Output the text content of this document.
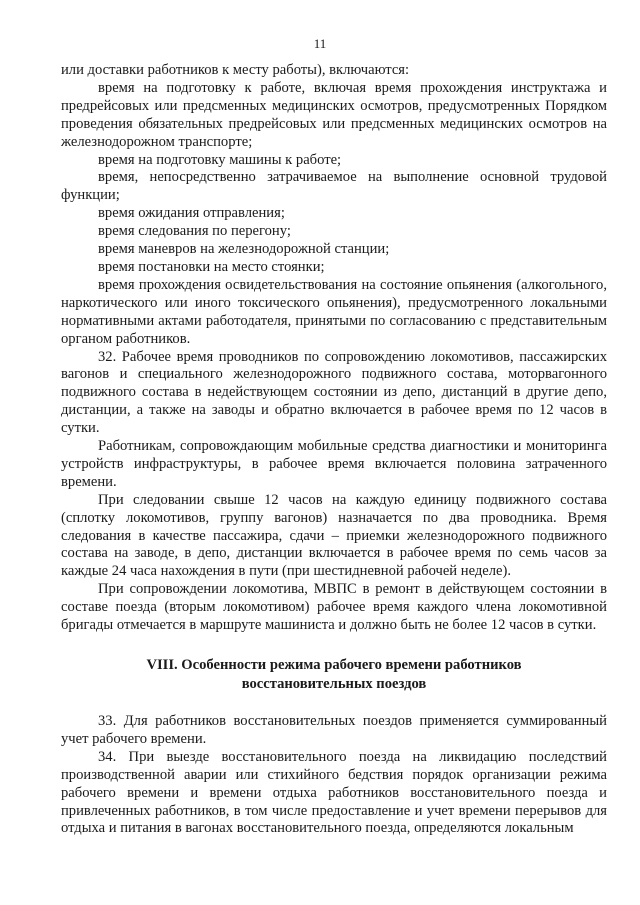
11

или доставки работников к месту работы), включаются:

время на подготовку к работе, включая время прохождения инструктажа и предрейсовых или предсменных медицинских осмотров, предусмотренных Порядком проведения обязательных предрейсовых или предсменных медицинских осмотров на железнодорожном транспорте;

время на подготовку машины к работе;

время, непосредственно затрачиваемое на выполнение основной трудовой функции;

время ожидания отправления;

время следования по перегону;

время маневров на железнодорожной станции;

время постановки на место стоянки;

время прохождения освидетельствования на состояние опьянения (алкогольного, наркотического или иного токсического опьянения), предусмотренного локальными нормативными актами работодателя, принятыми по согласованию с представительным органом работников.

32. Рабочее время проводников по сопровождению локомотивов, пассажирских вагонов и специального железнодорожного подвижного состава, моторвагонного подвижного состава в недействующем состоянии из депо, дистанций в другие депо, дистанции, а также на заводы и обратно включается в рабочее время по 12 часов в сутки.

Работникам, сопровождающим мобильные средства диагностики и мониторинга устройств инфраструктуры, в рабочее время включается половина затраченного времени.

При следовании свыше 12 часов на каждую единицу подвижного состава (сплотку локомотивов, группу вагонов) назначается по два проводника. Время следования в качестве пассажира, сдачи – приемки железнодорожного подвижного состава на заводе, в депо, дистанции включается в рабочее время по семь часов за каждые 24 часа нахождения в пути (при шестидневной рабочей неделе).

При сопровождении локомотива, МВПС в ремонт в действующем состоянии в составе поезда (вторым локомотивом) рабочее время каждого члена локомотивной бригады отмечается в маршруте машиниста и должно быть не более 12 часов в сутки.

VIII. Особенности режима рабочего времени работников
восстановительных поездов

33. Для работников восстановительных поездов применяется суммированный учет рабочего времени.

34. При выезде восстановительного поезда на ликвидацию последствий производственной аварии или стихийного бедствия порядок организации режима рабочего времени и времени отдыха работников восстановительного поезда и привлеченных работников, в том числе предоставление и учет времени перерывов для отдыха и питания в вагонах восстановительного поезда, определяются локальным
